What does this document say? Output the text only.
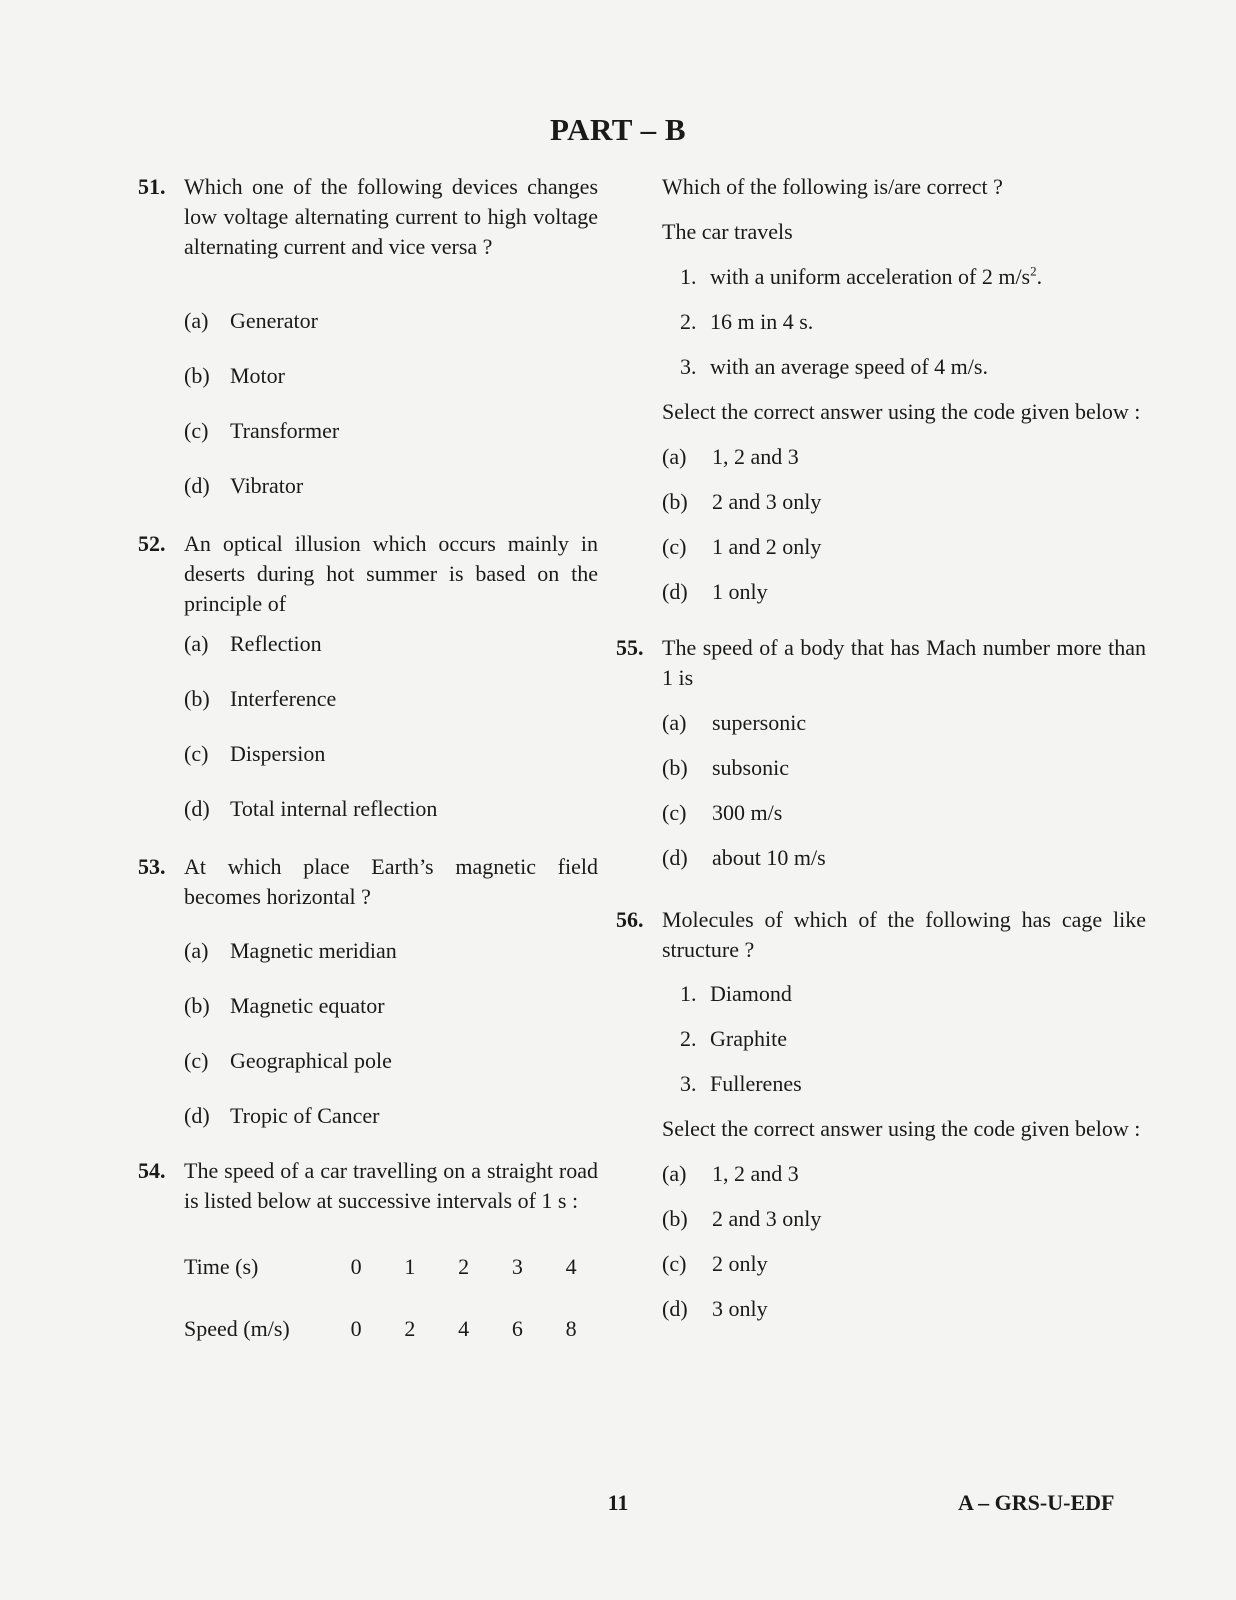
PART – B
51. Which one of the following devices changes low voltage alternating current to high voltage alternating current and vice versa ?
(a) Generator
(b) Motor
(c) Transformer
(d) Vibrator
52. An optical illusion which occurs mainly in deserts during hot summer is based on the principle of
(a) Reflection
(b) Interference
(c) Dispersion
(d) Total internal reflection
53. At which place Earth’s magnetic field becomes horizontal ?
(a) Magnetic meridian
(b) Magnetic equator
(c) Geographical pole
(d) Tropic of Cancer
54. The speed of a car travelling on a straight road is listed below at successive intervals of 1 s :
Time (s)	0	1	2	3	4

Speed (m/s)	0	2	4	6	8
Which of the following is/are correct ?
The car travels
1. with a uniform acceleration of 2 $m/s^2$.
2. 16 m in 4 s.
3. with an average speed of 4 m/s.
Select the correct answer using the code given below :
(a)	1, 2 and 3
(b)	2 and 3 only
(c)	1 and 2 only
(d)	1 only
55. The speed of a body that has Mach number more than 1 is
(a)	supersonic
(b)	subsonic
(c)	300 m/s
(d)	about 10 m/s
56. Molecules of which of the following has cage like structure ?
1. Diamond
2. Graphite
3. Fullerenes
Select the correct answer using the code given below :
(a)	1, 2 and 3
(b)	2 and 3 only
(c)	2 only
(d)	3 only
11	A – GRS-U-EDF
